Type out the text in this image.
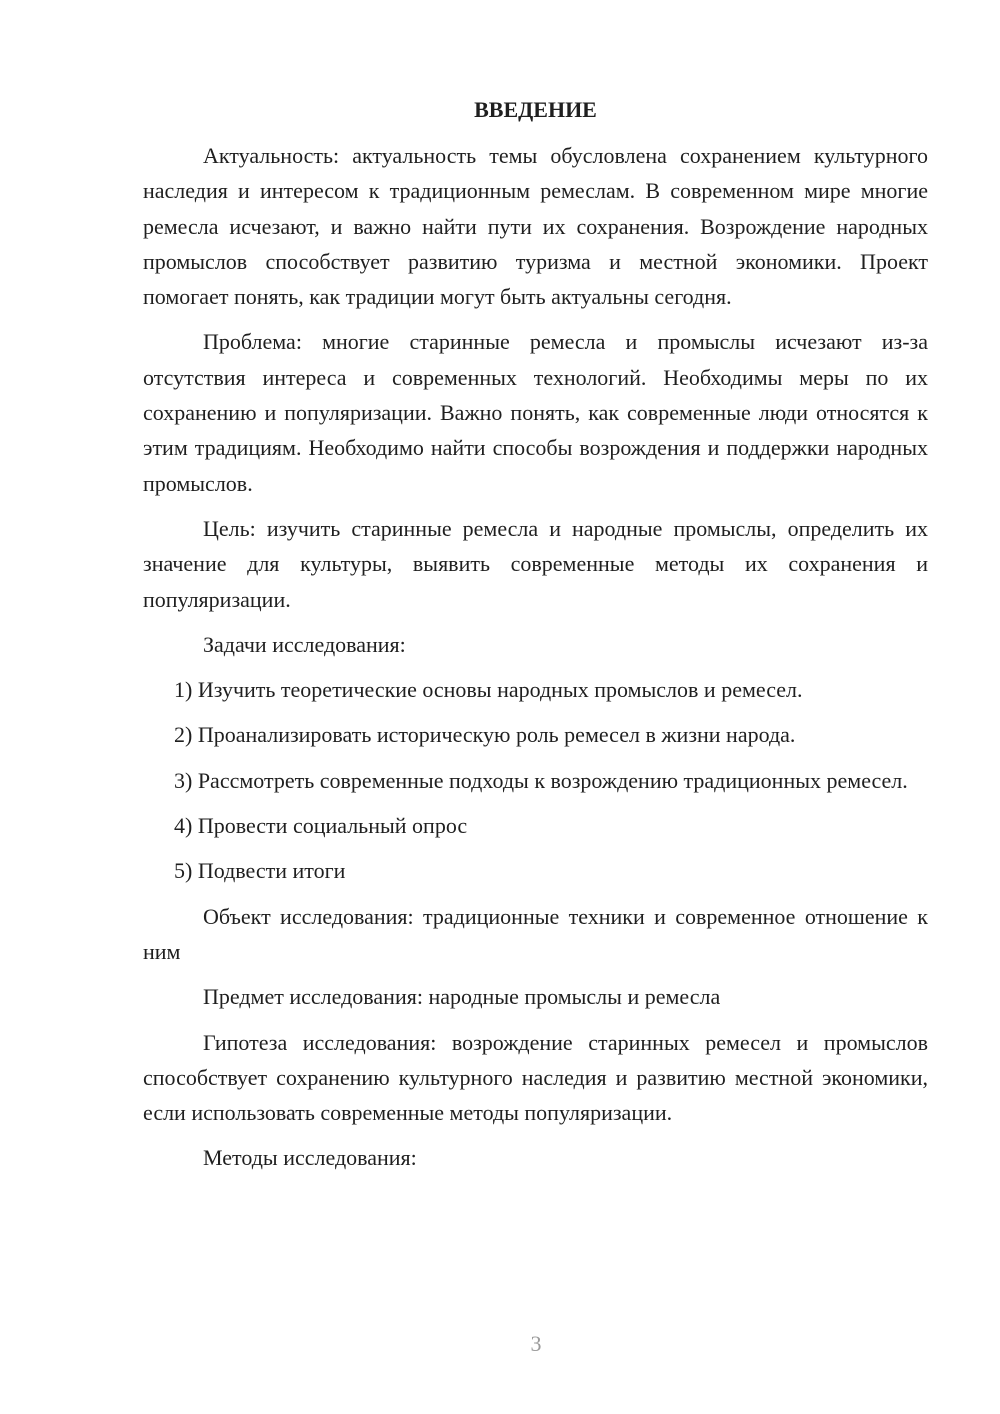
ВВЕДЕНИЕ

Актуальность: актуальность темы обусловлена сохранением культурного наследия и интересом к традиционным ремеслам. В современном мире многие ремесла исчезают, и важно найти пути их сохранения. Возрождение народных промыслов способствует развитию туризма и местной экономики. Проект помогает понять, как традиции могут быть актуальны сегодня.

Проблема: многие старинные ремесла и промыслы исчезают из-за отсутствия интереса и современных технологий. Необходимы меры по их сохранению и популяризации. Важно понять, как современные люди относятся к этим традициям. Необходимо найти способы возрождения и поддержки народных промыслов.

Цель: изучить старинные ремесла и народные промыслы, определить их значение для культуры, выявить современные методы их сохранения и популяризации.

Задачи исследования:

1) Изучить теоретические основы народных промыслов и ремесел.

2) Проанализировать историческую роль ремесел в жизни народа.

3) Рассмотреть современные подходы к возрождению традиционных ремесел.

4) Провести социальный опрос

5) Подвести итоги

Объект исследования: традиционные техники и современное отношение к ним

Предмет исследования: народные промыслы и ремесла

Гипотеза исследования: возрождение старинных ремесел и промыслов способствует сохранению культурного наследия и развитию местной экономики, если использовать современные методы популяризации.

Методы исследования:

3
